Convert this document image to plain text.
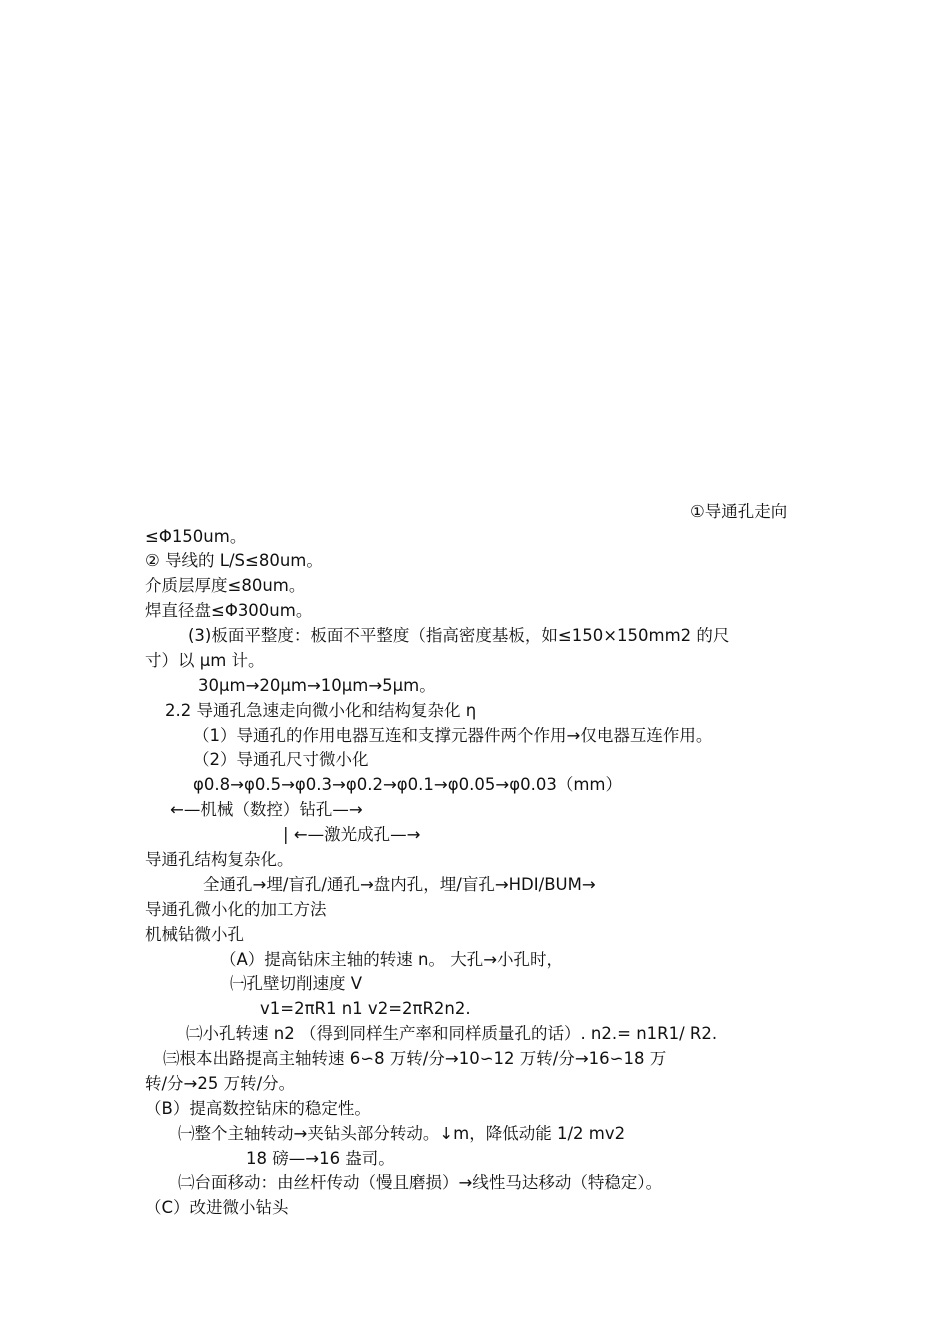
①导通孔走向
≤Φ150um。
② 导线的 L/S≤80um。
介质层厚度≤80um。
焊直径盘≤Φ300um。
(3)板面平整度：板面不平整度（指高密度基板，如≤150×150mm2 的尺
寸）以 μm 计。
30μm→20μm→10μm→5μm。
2.2 导通孔急速走向微小化和结构复杂化 η
（1）导通孔的作用电器互连和支撑元器件两个作用→仅电器互连作用。
（2）导通孔尺寸微小化
φ0.8→φ0.5→φ0.3→φ0.2→φ0.1→φ0.05→φ0.03（mm）
←—机械（数控）钻孔—→
| ←—激光成孔—→
导通孔结构复杂化。
全通孔→埋/盲孔/通孔→盘内孔，埋/盲孔→HDI/BUM→
导通孔微小化的加工方法
机械钻微小孔
（A）提高钻床主轴的转速 n。 大孔→小孔时，
㈠孔壁切削速度 V
v1=2πR1 n1 v2=2πR2n2.
㈡小孔转速 n2 （得到同样生产率和同样质量孔的话）. n2.= n1R1/ R2.
㈢根本出路提高主轴转速 6∽8 万转/分→10∽12 万转/分→16∽18 万
转/分→25 万转/分。
（B）提高数控钻床的稳定性。
㈠整个主轴转动→夹钻头部分转动。↓m，降低动能 1/2 mv2
18 磅—→16 盎司。
㈡台面移动：由丝杆传动（慢且磨损）→线性马达移动（特稳定）。
（C）改进微小钻头
